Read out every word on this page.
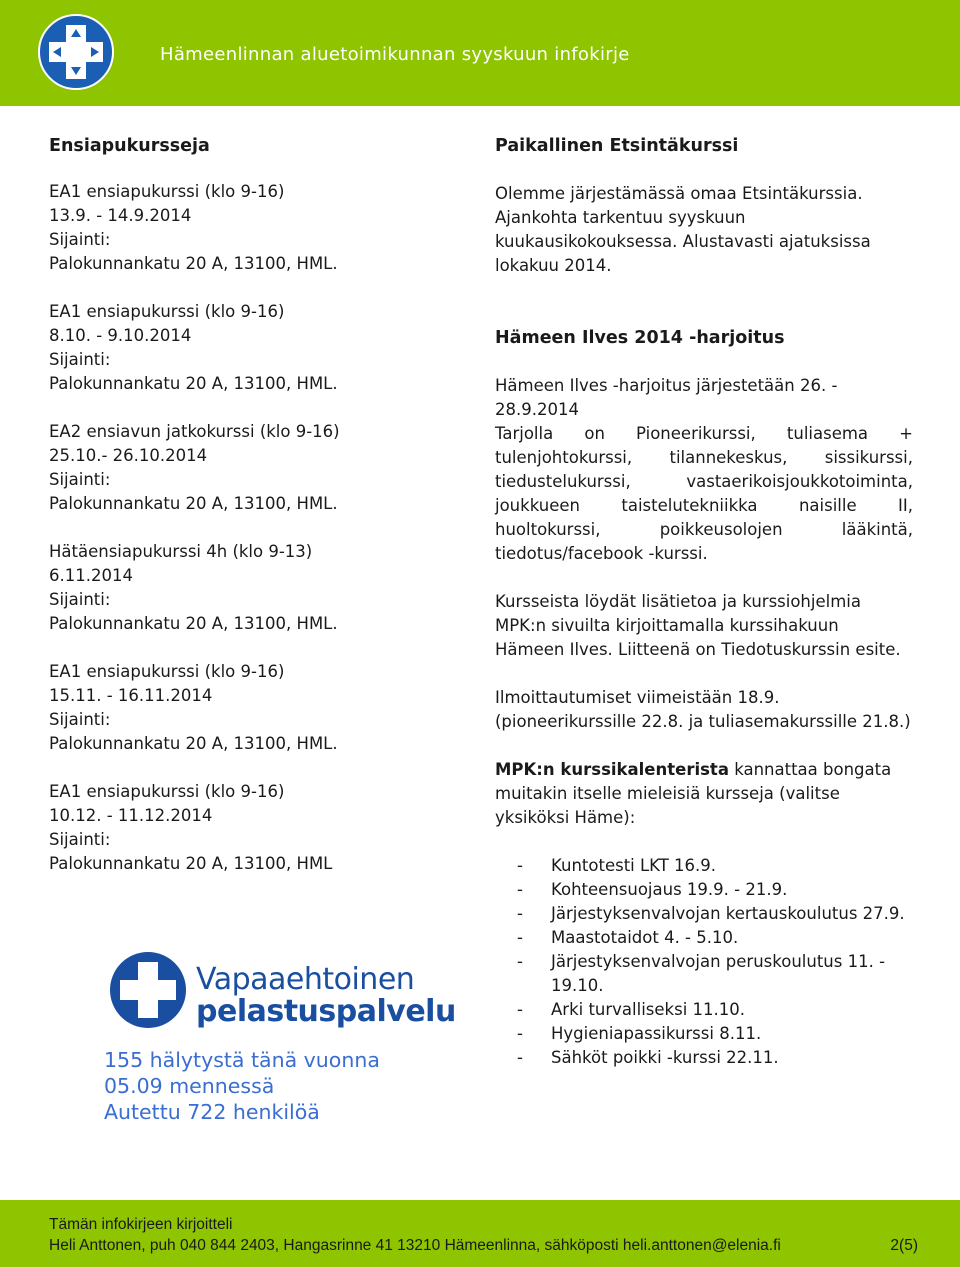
Hämeenlinnan aluetoimikunnan syyskuun infokirje
Ensiapukursseja
EA1 ensiapukurssi (klo 9-16)
13.9. - 14.9.2014
Sijainti:
Palokunnankatu 20 A, 13100, HML.
EA1 ensiapukurssi (klo 9-16)
8.10. - 9.10.2014
Sijainti:
Palokunnankatu 20 A, 13100, HML.
EA2 ensiavun jatkokurssi (klo 9-16)
25.10.- 26.10.2014
Sijainti:
Palokunnankatu 20 A, 13100, HML.
Hätäensiapukurssi 4h (klo 9-13)
6.11.2014
Sijainti:
Palokunnankatu 20 A, 13100, HML.
EA1 ensiapukurssi (klo 9-16)
15.11. - 16.11.2014
Sijainti:
Palokunnankatu 20 A, 13100, HML.
EA1 ensiapukurssi (klo 9-16)
10.12. - 11.12.2014
Sijainti:
Palokunnankatu 20 A, 13100, HML
Vapaaehtoinen
pelastuspalvelu
155 hälytystä tänä vuonna
05.09 mennessä
Autettu 722 henkilöä
Paikallinen Etsintäkurssi

Olemme järjestämässä omaa Etsintäkurssia. Ajankohta tarkentuu syyskuun kuukausikokouksessa. Alustavasti ajatuksissa lokakuu 2014.

Hämeen Ilves 2014 -harjoitus

Hämeen Ilves -harjoitus järjestetään 26. - 28.9.2014

Tarjolla on Pioneerikurssi, tuliasema + tulenjohtokurssi, tilannekeskus, sissikurssi, tiedustelukurssi, vastaerikoisjoukkotoiminta, joukkueen taistelutekniikka naisille II, huoltokurssi, poikkeusolojen lääkintä, tiedotus/facebook -kurssi.

Kursseista löydät lisätietoa ja kurssiohjelmia MPK:n sivuilta kirjoittamalla kurssihakuun Hämeen Ilves. Liitteenä on Tiedotuskurssin esite.

Ilmoittautumiset viimeistään 18.9. (pioneerikurssille 22.8. ja tuliasemakurssille 21.8.)

MPK:n kurssikalenterista kannattaa bongata muitakin itselle mieleisiä kursseja (valitse yksiköksi Häme):

- Kuntotesti LKT 16.9.
- Kohteensuojaus 19.9. - 21.9.
- Järjestyksenvalvojan kertauskoulutus 27.9.
- Maastotaidot 4. - 5.10.
- Järjestyksenvalvojan peruskoulutus 11. - 19.10.
- Arki turvalliseksi 11.10.
- Hygieniapassikurssi 8.11.
- Sähköt poikki -kurssi 22.11.
Tämän infokirjeen kirjoitteli
Heli Anttonen, puh 040 844 2403, Hangasrinne 41 13210 Hämeenlinna, sähköposti heli.anttonen@elenia.fi	2(5)
